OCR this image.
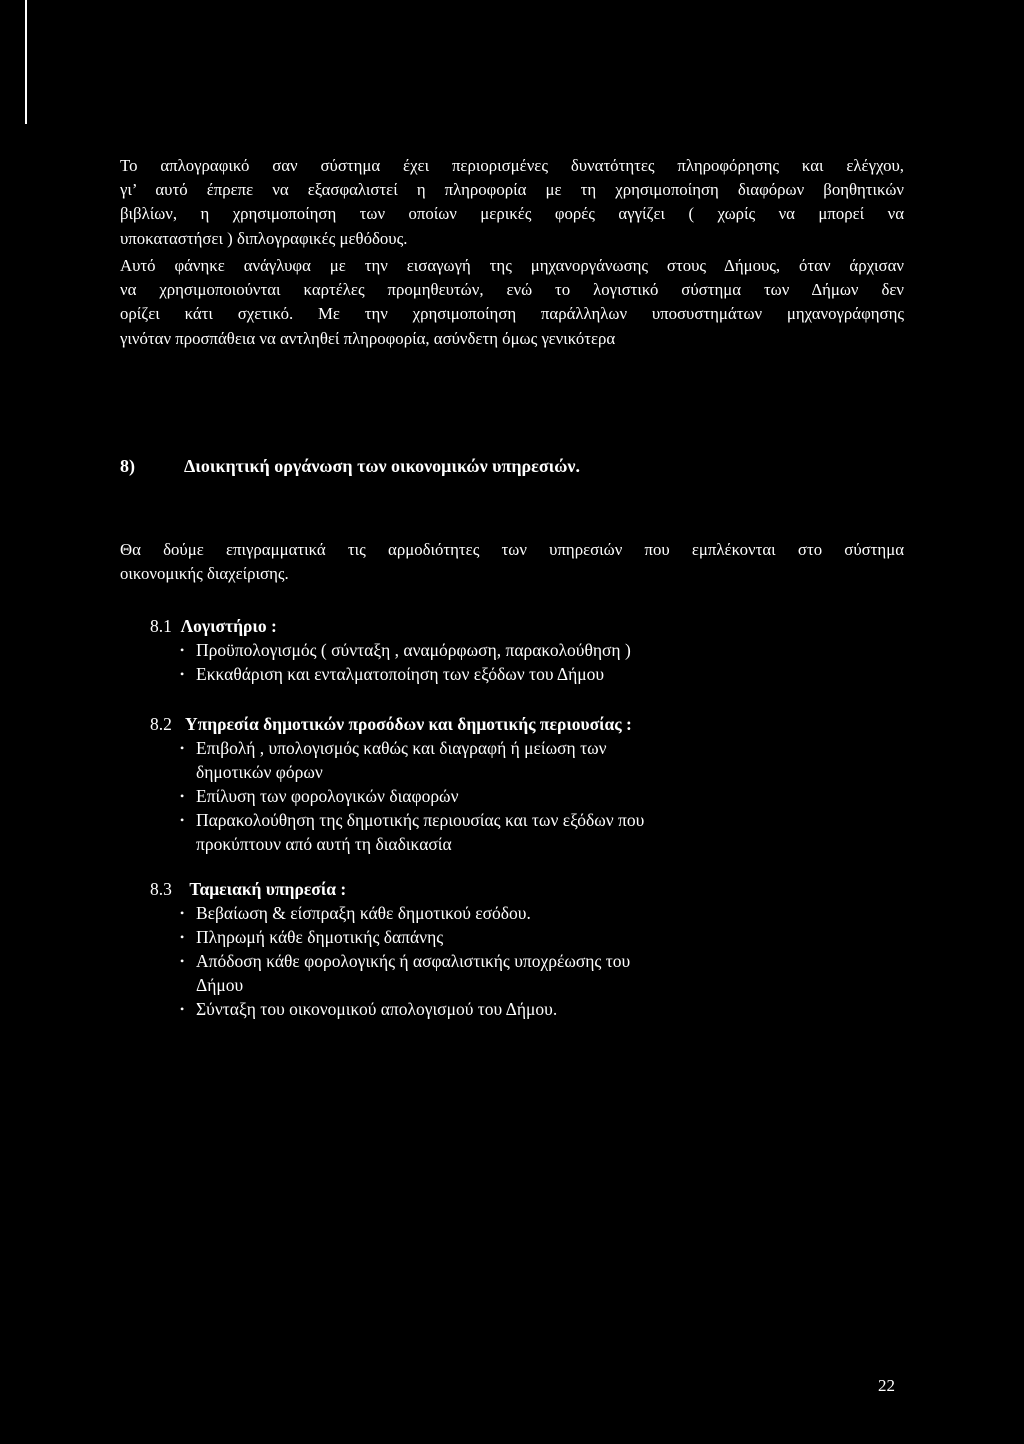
Το απλογραφικό σαν σύστημα έχει περιορισμένες δυνατότητες πληροφόρησης και ελέγχου,
γι’ αυτό έπρεπε να εξασφαλιστεί η πληροφορία με τη χρησιμοποίηση διαφόρων βοηθητικών
βιβλίων, η χρησιμοποίηση των οποίων μερικές φορές αγγίζει ( χωρίς να μπορεί να
υποκαταστήσει ) διπλογραφικές μεθόδους.
Αυτό φάνηκε ανάγλυφα με την εισαγωγή της μηχανοργάνωσης στους Δήμους, όταν άρχισαν
να χρησιμοποιούνται καρτέλες προμηθευτών, ενώ το λογιστικό σύστημα των Δήμων δεν
ορίζει κάτι σχετικό. Με την χρησιμοποίηση παράλληλων υποσυστημάτων μηχανογράφησης
γινόταν προσπάθεια να αντληθεί πληροφορία, ασύνδετη όμως γενικότερα
8)	Διοικητική οργάνωση των οικονομικών υπηρεσιών.
Θα δούμε επιγραμματικά τις αρμοδιότητες των υπηρεσιών που εμπλέκονται στο σύστημα
οικονομικής διαχείρισης.
8.1 Λογιστήριο :
• Προϋπολογισμός ( σύνταξη , αναμόρφωση, παρακολούθηση )
• Εκκαθάριση και ενταλματοποίηση των εξόδων του Δήμου
8.2 Υπηρεσία δημοτικών προσόδων και δημοτικής περιουσίας :
• Επιβολή , υπολογισμός καθώς και διαγραφή ή μείωση των
δημοτικών φόρων
• Επίλυση των φορολογικών διαφορών
• Παρακολούθηση της δημοτικής περιουσίας και των εξόδων που
προκύπτουν από αυτή τη διαδικασία
8.3 Ταμειακή υπηρεσία :
• Βεβαίωση & είσπραξη κάθε δημοτικού εσόδου.
• Πληρωμή κάθε δημοτικής δαπάνης
• Απόδοση κάθε φορολογικής ή ασφαλιστικής υποχρέωσης του
Δήμου
• Σύνταξη του οικονομικού απολογισμού του Δήμου.
22
